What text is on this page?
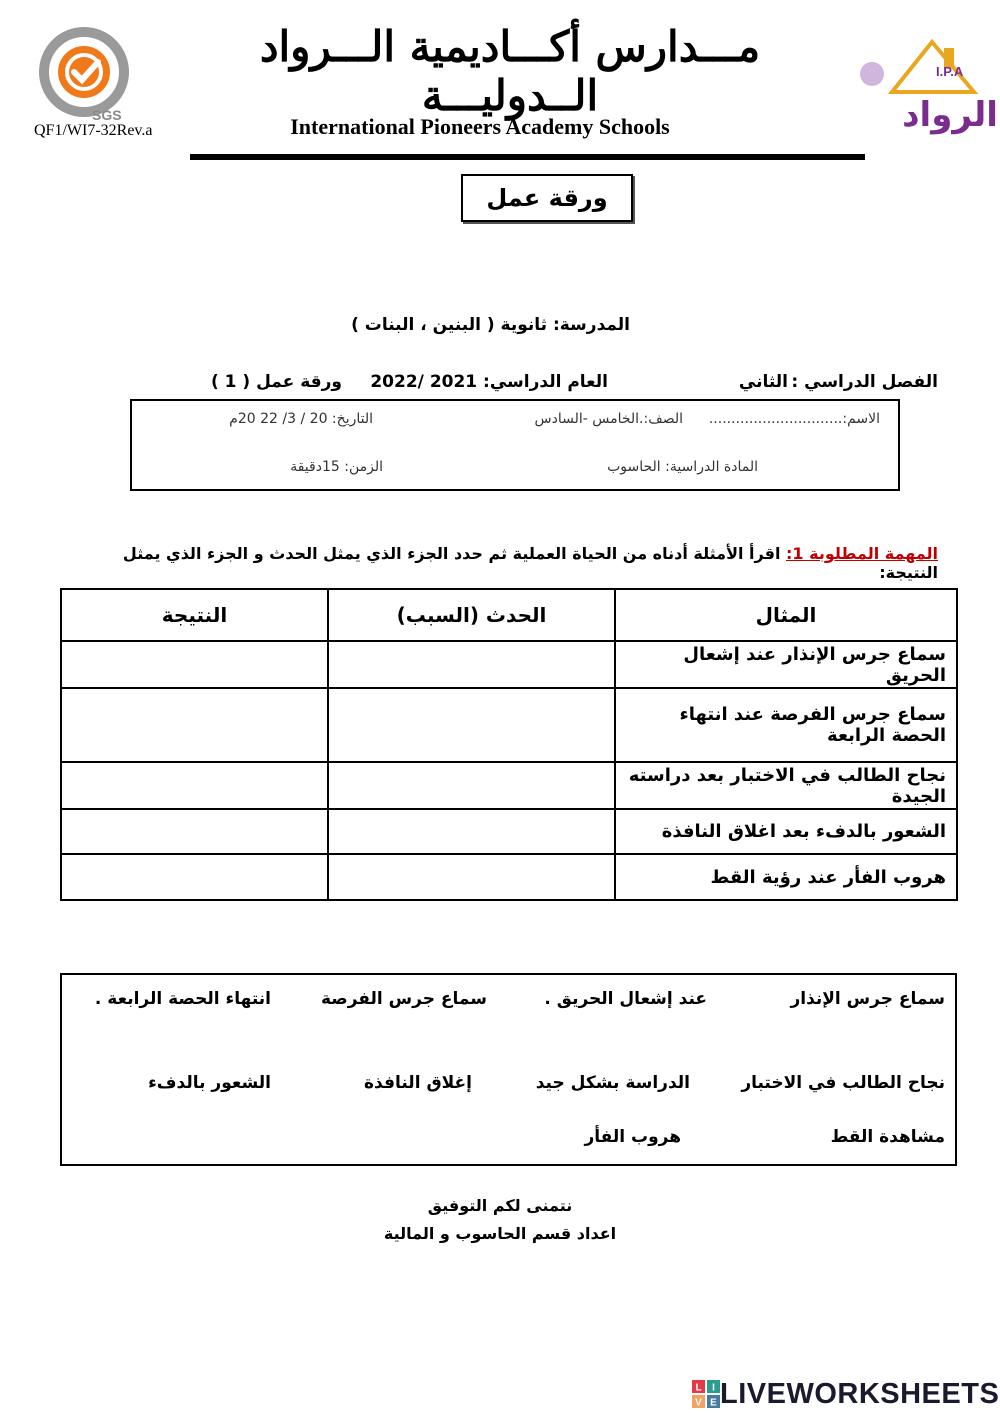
SGS
QF1/WI7-32Rev.a
مـــدارس أكـــاديمية الـــرواد الــدوليـــة
International Pioneers Academy Schools
I.P.A
الرواد
ورقة عمل
المدرسة: ثانوية ( البنين ، البنات )
الفصل الدراسي :
الثاني
العام الدراسي: 2021 /2022
ورقة عمل ( 1 )
الاسم:..............................
الصف:.الخامس -السادس
التاريخ: 20 / 3/ 22 20م
المادة الدراسية: الحاسوب
الزمن: 15دقيقة
المهمة المطلوبة 1: اقرأ الأمثلة أدناه من الحياة العملية ثم حدد الجزء الذي يمثل الحدث و الجزء الذي يمثل النتيجة:
المثال	الحدث (السبب)	النتيجة
سماع جرس الإنذار عند إشعال الحريق		
سماع جرس الفرصة عند انتهاء الحصة الرابعة		
نجاح الطالب في الاختبار بعد دراسته الجيدة		
الشعور بالدفء بعد اغلاق النافذة		
هروب الفأر عند رؤية القط		
سماع جرس الإنذار
عند إشعال الحريق .
سماع جرس الفرصة
انتهاء الحصة الرابعة .
نجاح الطالب في الاختبار
الدراسة بشكل جيد
إغلاق النافذة
الشعور بالدفء
مشاهدة القط
هروب الفأر
نتمنى لكم التوفيق
اعداد قسم الحاسوب و المالية
L I
V E LIVEWORKSHEETS
